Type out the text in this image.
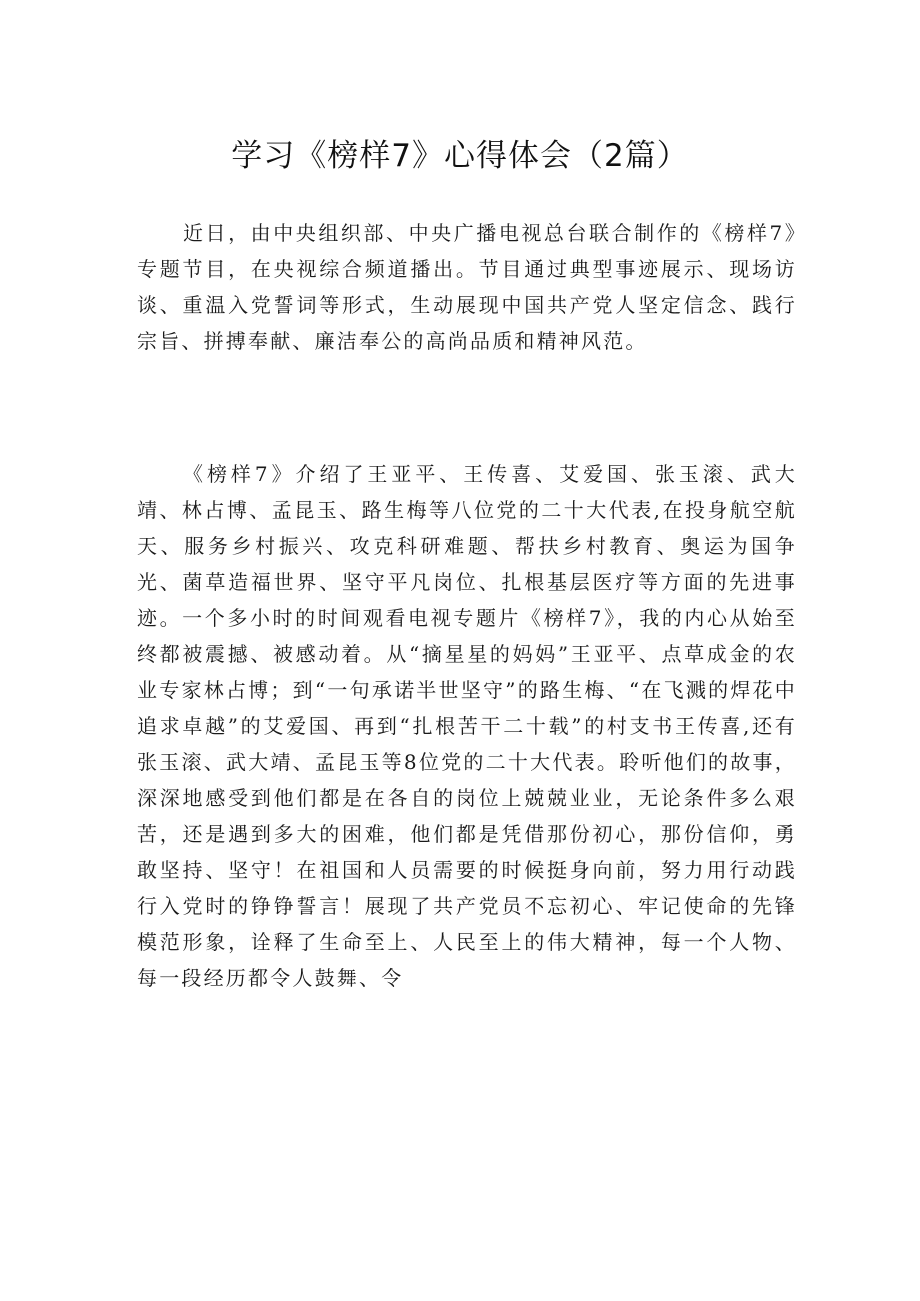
学习《榜样7》心得体会（2篇）

近日，由中央组织部、中央广播电视总台联合制作的《榜样7》专题节目，在央视综合频道播出。节目通过典型事迹展示、现场访谈、重温入党誓词等形式，生动展现中国共产党人坚定信念、践行宗旨、拼搏奉献、廉洁奉公的高尚品质和精神风范。

《榜样7》介绍了王亚平、王传喜、艾爱国、张玉滚、武大靖、林占博、孟昆玉、路生梅等八位党的二十大代表,在投身航空航天、服务乡村振兴、攻克科研难题、帮扶乡村教育、奥运为国争光、菌草造福世界、坚守平凡岗位、扎根基层医疗等方面的先进事迹。一个多小时的时间观看电视专题片《榜样7》，我的内心从始至终都被震撼、被感动着。从“摘星星的妈妈”王亚平、点草成金的农业专家林占博；到“一句承诺半世坚守”的路生梅、“在飞溅的焊花中追求卓越”的艾爱国、再到“扎根苦干二十载”的村支书王传喜,还有张玉滚、武大靖、孟昆玉等8位党的二十大代表。聆听他们的故事，深深地感受到他们都是在各自的岗位上兢兢业业，无论条件多么艰苦，还是遇到多大的困难，他们都是凭借那份初心，那份信仰，勇敢坚持、坚守！在祖国和人员需要的时候挺身向前，努力用行动践行入党时的铮铮誓言！展现了共产党员不忘初心、牢记使命的先锋模范形象，诠释了生命至上、人民至上的伟大精神，每一个人物、每一段经历都令人鼓舞、令
